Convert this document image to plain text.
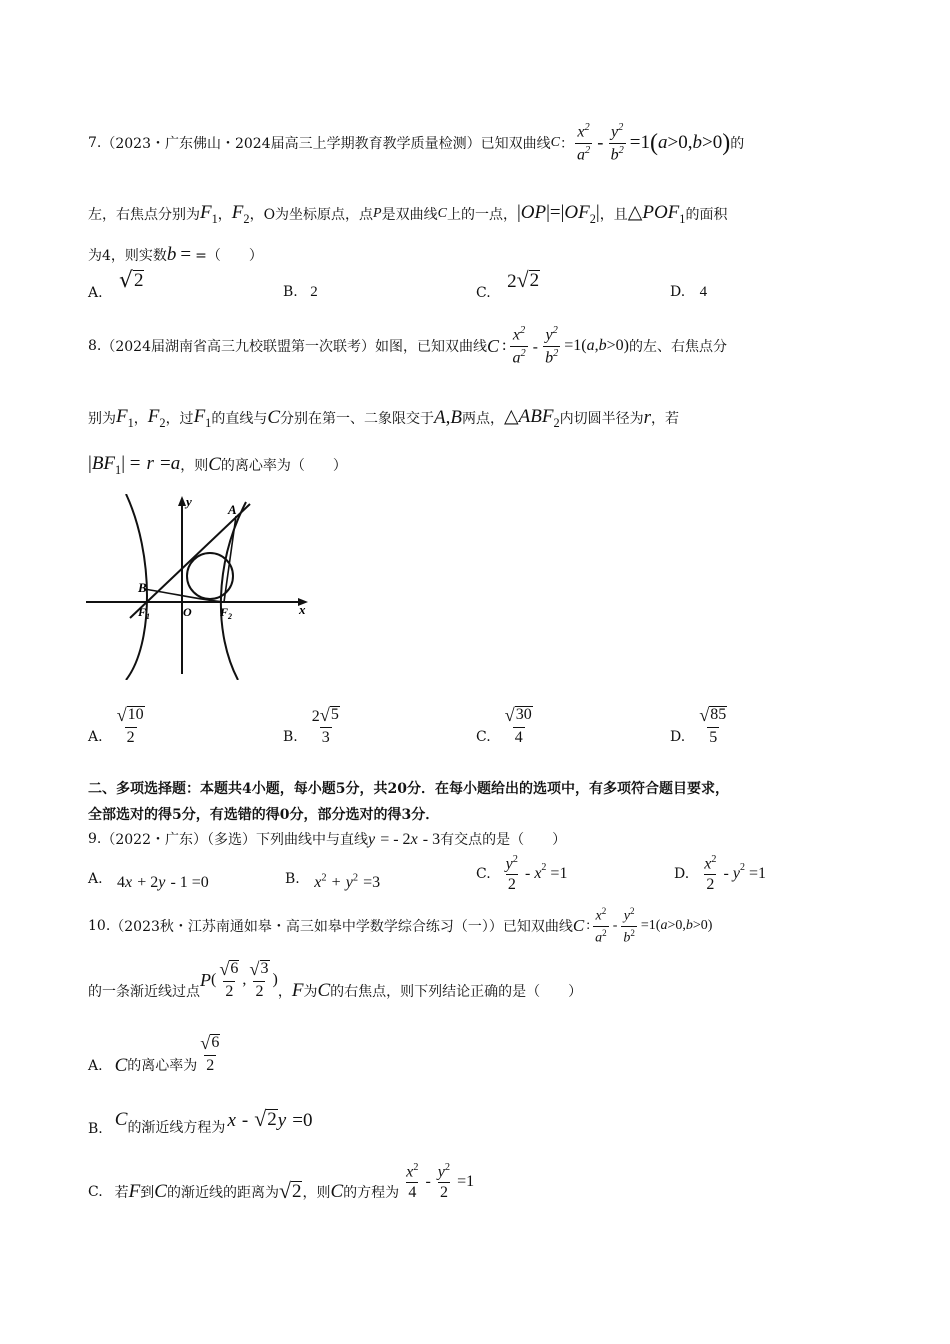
7. （2023・广东佛山・2024届高三上学期教育教学质量检测） 已知双曲线 C ： $\frac{x^2}{a^2} - \frac{y^2}{b^2} =1$ ( a >0, b >0 ) 的
左，右焦点分别为 $F_1$ ， $F_2$ ， O为坐标原点，点 P 是双曲线 C 上的一点， $|OP|=|OF_2|$ ，且 $\triangle POF_1$ 的面积
为4，则实数 b = =（　　）
A. √ 2
B. 2	C. 2 √ 2
D. 4
8. （2024届湖南省高三九校联盟第一次联考） 如图，已知双曲线 C : $\frac{x^2}{a^2} - \frac{y^2}{b^2} =1$( a , b >0) 的左、右焦点分
别为 $F_1$ ， $F_2$ ，过 $F_1$ 的直线与 C 分别在第一、二象限交于 A , B 两点， $\triangle ABF_2$ 内切圆半径为 r ，若
$|BF_1| = r =a$ ，则 C 的离心率为（　　）
y
x
A
B
O
F 1	F 2
A. $\frac{√ 10}{2}$	B. $\frac{2 √ 5}{3}$	C. $\frac{√ 30}{4}$	D. $\frac{√ 85}{5}$
二、多项选择题：本题共4小题，每小题5分，共20分．在每小题给出的选项中，有多项符合题目要求，
全部选对的得5分，有选错的得0分，部分选对的得3分．
9. （2022・广东）（多选）下列曲线中与直线 y = - 2x - 3 有交点的是（　　）
A. 4x + 2y - 1 =0	B. $x^2 + y^2 =3$	C. $\frac{y^2}{2} - x^2 =1$	D. $\frac{x^2}{2} - y^2 =1$
10. （2023秋・江苏南通如皋・高三如皋中学数学综合练习（一））已知双曲线 C : $\frac{x^2}{a^2} - \frac{y^2}{b^2} =1$( a >0, b >0)
的一条渐近线过点
P ( $\frac{√ 6}{2}$ , $\frac{√ 3}{2}$ )
， F 为 C 的右焦点，则下列结论正确的是（　　）
A. C 的离心率为 $\frac{√ 6}{2}$
B. C 的渐近线方程为 x - √ 2 y =0
C. 若 F 到 C 的渐近线的距离为 √ 2 ，则 C 的方程为 $\frac{x^2}{4} - \frac{y^2}{2} =1$
